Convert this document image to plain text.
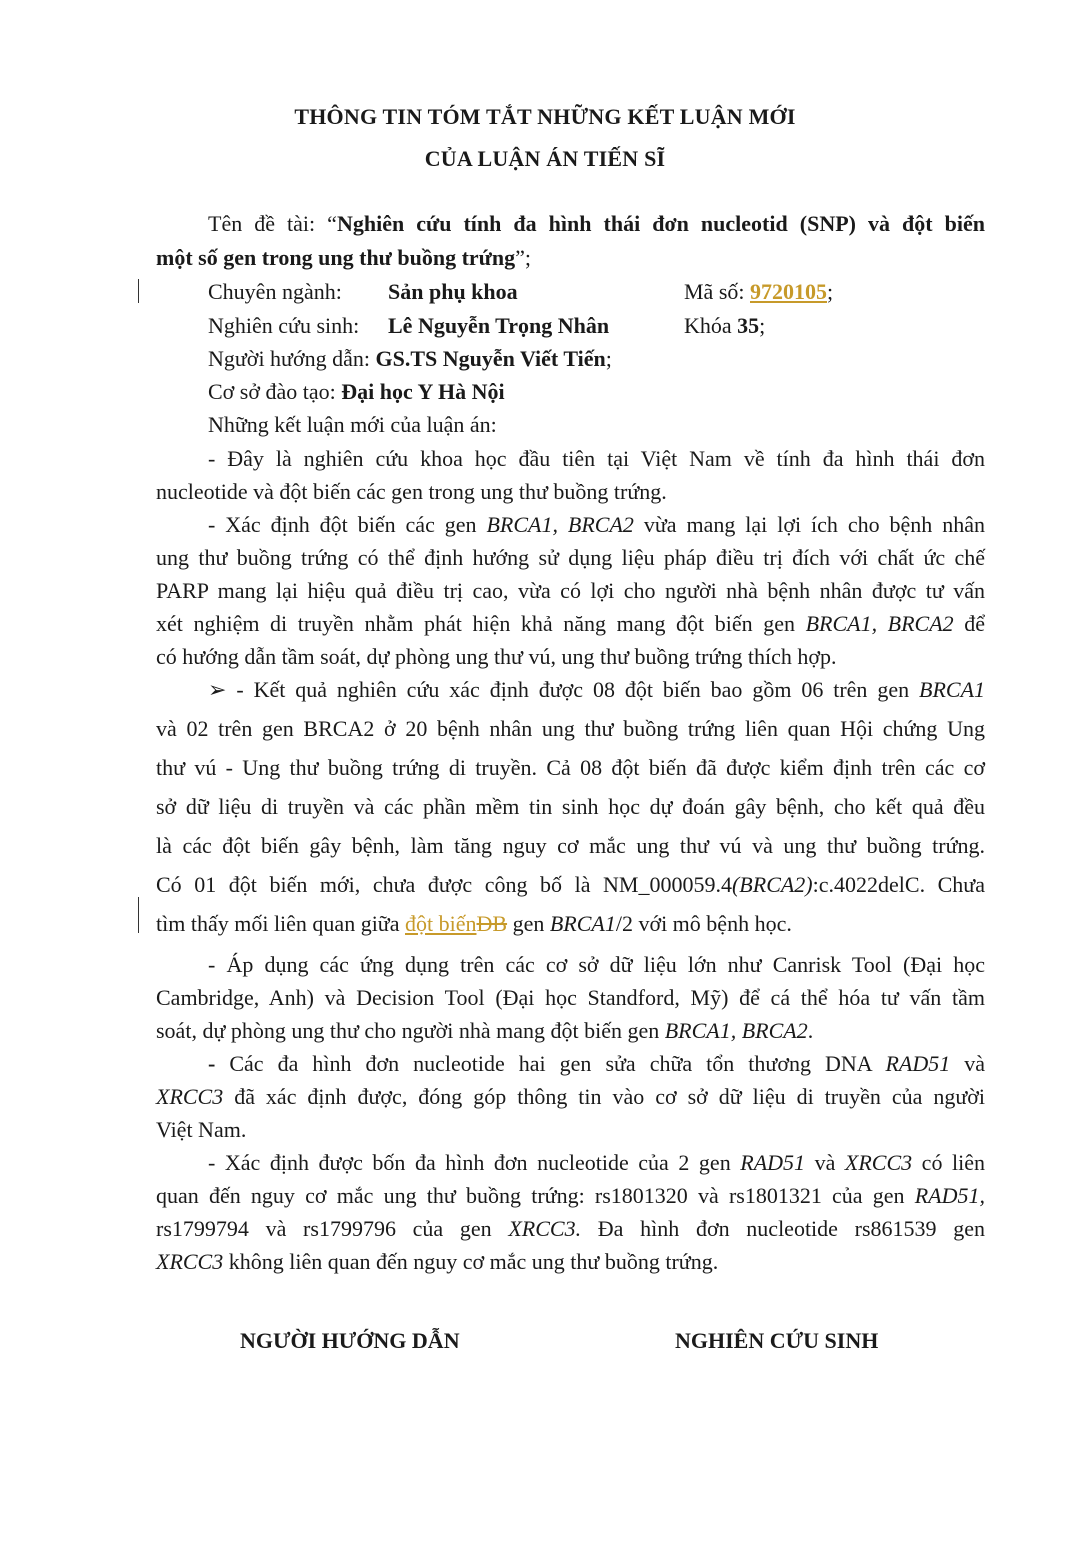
THÔNG TIN TÓM TẮT NHỮNG KẾT LUẬN MỚI
CỦA LUẬN ÁN TIẾN SĨ
Tên đề tài: “Nghiên cứu tính đa hình thái đơn nucleotid (SNP) và đột biến
một số gen trong ung thư buồng trứng”;
Chuyên ngành: Sản phụ khoa	Mã số: 9720105;
Nghiên cứu sinh: Lê Nguyễn Trọng Nhân	Khóa 35;
Người hướng dẫn: GS.TS Nguyễn Viết Tiến;
Cơ sở đào tạo: Đại học Y Hà Nội
Những kết luận mới của luận án:
- Đây là nghiên cứu khoa học đầu tiên tại Việt Nam về tính đa hình thái đơn
nucleotide và đột biến các gen trong ung thư buồng trứng.
- Xác định đột biến các gen BRCA1, BRCA2 vừa mang lại lợi ích cho bệnh nhân
ung thư buồng trứng có thể định hướng sử dụng liệu pháp điều trị đích với chất ức chế
PARP mang lại hiệu quả điều trị cao, vừa có lợi cho người nhà bệnh nhân được tư vấn
xét nghiệm di truyền nhằm phát hiện khả năng mang đột biến gen BRCA1, BRCA2 để
có hướng dẫn tầm soát, dự phòng ung thư vú, ung thư buồng trứng thích hợp.
➢ - Kết quả nghiên cứu xác định được 08 đột biến bao gồm 06 trên gen BRCA1
và 02 trên gen BRCA2 ở 20 bệnh nhân ung thư buồng trứng liên quan Hội chứng Ung
thư vú - Ung thư buồng trứng di truyền. Cả 08 đột biến đã được kiểm định trên các cơ
sở dữ liệu di truyền và các phần mềm tin sinh học dự đoán gây bệnh, cho kết quả đều
là các đột biến gây bệnh, làm tăng nguy cơ mắc ung thư vú và ung thư buồng trứng.
Có 01 đột biến mới, chưa được công bố là NM_000059.4(BRCA2):c.4022delC. Chưa
tìm thấy mối liên quan giữa đột biếnĐB gen BRCA1/2 với mô bệnh học.
- Áp dụng các ứng dụng trên các cơ sở dữ liệu lớn như Canrisk Tool (Đại học
Cambridge, Anh) và Decision Tool (Đại học Standford, Mỹ) để cá thể hóa tư vấn tầm
soát, dự phòng ung thư cho người nhà mang đột biến gen BRCA1, BRCA2.
- Các đa hình đơn nucleotide hai gen sửa chữa tổn thương DNA RAD51 và
XRCC3 đã xác định được, đóng góp thông tin vào cơ sở dữ liệu di truyền của người
Việt Nam.
- Xác định được bốn đa hình đơn nucleotide của 2 gen RAD51 và XRCC3 có liên
quan đến nguy cơ mắc ung thư buồng trứng: rs1801320 và rs1801321 của gen RAD51,
rs1799794 và rs1799796 của gen XRCC3. Đa hình đơn nucleotide rs861539 gen
XRCC3 không liên quan đến nguy cơ mắc ung thư buồng trứng.
NGƯỜI HƯỚNG DẪN	NGHIÊN CỨU SINH
